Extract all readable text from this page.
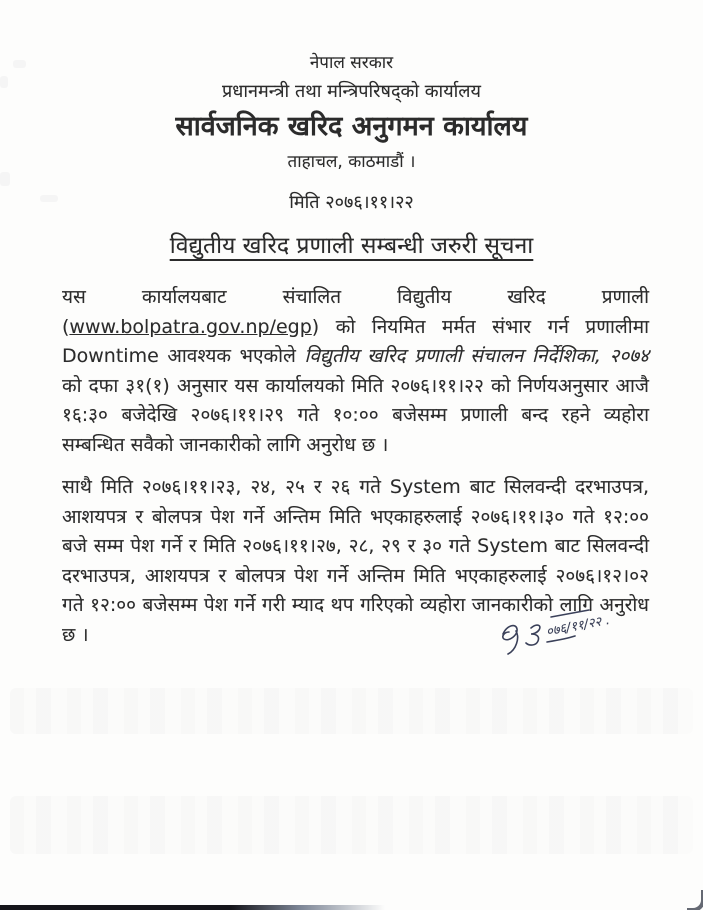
नेपाल सरकार
प्रधानमन्त्री तथा मन्त्रिपरिषद्को कार्यालय
सार्वजनिक खरिद अनुगमन कार्यालय
ताहाचल, काठमाडौं ।
मिति २०७६।११।२२
विद्युतीय खरिद प्रणाली सम्बन्धी जरुरी सूचना

यस कार्यालयबाट संचालित विद्युतीय खरिद प्रणाली (www.bolpatra.gov.np/egp) को नियमित मर्मत संभार गर्न प्रणालीमा Downtime आवश्यक भएकोले विद्युतीय खरिद प्रणाली संचालन निर्देशिका, २०७४ को दफा ३१(१) अनुसार यस कार्यालयको मिति २०७६।११।२२ को निर्णयअनुसार आजै १६:३० बजेदेखि २०७६।११।२९ गते १०:०० बजेसम्म प्रणाली बन्द रहने व्यहोरा सम्बन्धित सवैको जानकारीको लागि अनुरोध छ ।

साथै मिति २०७६।११।२३, २४, २५ र २६ गते System बाट सिलवन्दी दरभाउपत्र, आशयपत्र र बोलपत्र पेश गर्ने अन्तिम मिति भएकाहरुलाई २०७६।११।३० गते १२:०० बजे सम्म पेश गर्ने र मिति २०७६।११।२७, २८, २९ र ३० गते System बाट सिलवन्दी दरभाउपत्र, आशयपत्र र बोलपत्र पेश गर्ने अन्तिम मिति भएकाहरुलाई २०७६।१२।०२ गते १२:०० बजेसम्म पेश गर्ने गरी म्याद थप गरिएको व्यहोरा जानकारीको लागि अनुरोध छ ।	०७६/११/२२ .
